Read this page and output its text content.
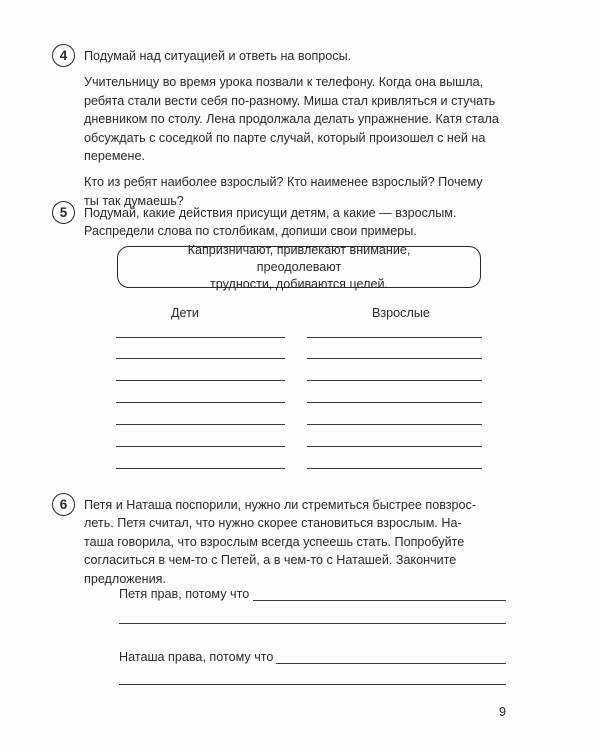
4	Подумай над ситуацией и ответь на вопросы.

Учительницу во время урока позвали к телефону. Когда она вышла,

ребята стали вести себя по-разному. Миша стал кривляться и стучать

дневником по столу. Лена продолжала делать упражнение. Катя стала

обсуждать с соседкой по парте случай, который произошел с ней на

перемене.

Кто из ребят наиболее взрослый? Кто наименее взрослый? Почему

ты так думаешь?

5	Подумай, какие действия присущи детям, а какие — взрослым.

Распредели слова по столбикам, допиши свои примеры.

Капризничают, привлекают внимание, преодолевают

трудности, добиваются целей.

Дети	Взрослые
6	Петя и Наташа поспорили, нужно ли стремиться быстрее повзрос-

леть. Петя считал, что нужно скорее становиться взрослым. На-

таша говорила, что взрослым всегда успеешь стать. Попробуйте

согласиться в чем-то с Петей, а в чем-то с Наташей. Закончите

предложения.

Петя прав, потому что
Наташа права, потому что
9
